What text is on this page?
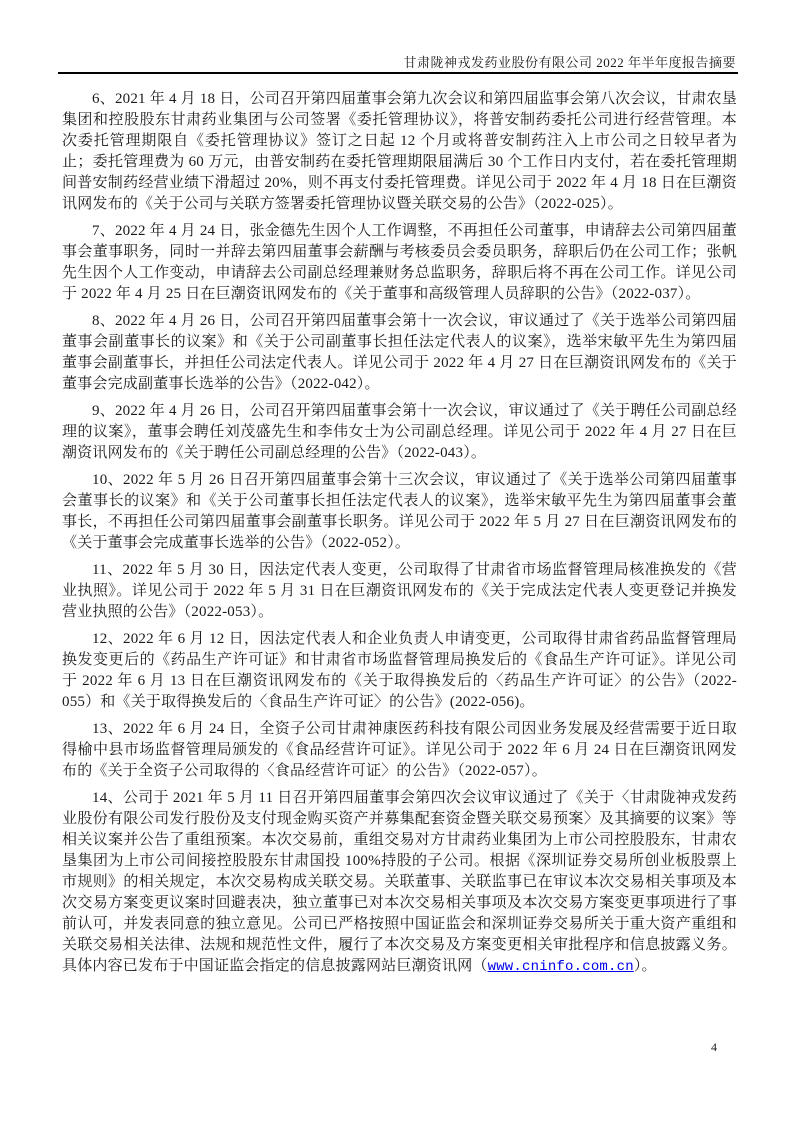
甘肃陇神戎发药业股份有限公司 2022 年半年度报告摘要

6、2021 年 4 月 18 日，公司召开第四届董事会第九次会议和第四届监事会第八次会议，甘肃农垦集团和控股股东甘肃药业集团与公司签署《委托管理协议》，将普安制药委托公司进行经营管理。本次委托管理期限自《委托管理协议》签订之日起 12 个月或将普安制药注入上市公司之日较早者为止；委托管理费为 60 万元，由普安制药在委托管理期限届满后 30 个工作日内支付，若在委托管理期间普安制药经营业绩下滑超过 20%，则不再支付委托管理费。详见公司于 2022 年 4 月 18 日在巨潮资讯网发布的《关于公司与关联方签署委托管理协议暨关联交易的公告》（2022-025）。

7、2022 年 4 月 24 日，张金德先生因个人工作调整，不再担任公司董事，申请辞去公司第四届董事会董事职务，同时一并辞去第四届董事会薪酬与考核委员会委员职务，辞职后仍在公司工作；张帆先生因个人工作变动，申请辞去公司副总经理兼财务总监职务，辞职后将不再在公司工作。详见公司于 2022 年 4 月 25 日在巨潮资讯网发布的《关于董事和高级管理人员辞职的公告》（2022-037）。

8、2022 年 4 月 26 日，公司召开第四届董事会第十一次会议，审议通过了《关于选举公司第四届董事会副董事长的议案》和《关于公司副董事长担任法定代表人的议案》，选举宋敏平先生为第四届董事会副董事长，并担任公司法定代表人。详见公司于 2022 年 4 月 27 日在巨潮资讯网发布的《关于董事会完成副董事长选举的公告》（2022-042）。

9、2022 年 4 月 26 日，公司召开第四届董事会第十一次会议，审议通过了《关于聘任公司副总经理的议案》，董事会聘任刘茂盛先生和李伟女士为公司副总经理。详见公司于 2022 年 4 月 27 日在巨潮资讯网发布的《关于聘任公司副总经理的公告》（2022-043）。

10、2022 年 5 月 26 日召开第四届董事会第十三次会议，审议通过了《关于选举公司第四届董事会董事长的议案》和《关于公司董事长担任法定代表人的议案》，选举宋敏平先生为第四届董事会董事长，不再担任公司第四届董事会副董事长职务。详见公司于 2022 年 5 月 27 日在巨潮资讯网发布的《关于董事会完成董事长选举的公告》（2022-052）。

11、2022 年 5 月 30 日，因法定代表人变更，公司取得了甘肃省市场监督管理局核准换发的《营业执照》。详见公司于 2022 年 5 月 31 日在巨潮资讯网发布的《关于完成法定代表人变更登记并换发营业执照的公告》（2022-053）。

12、2022 年 6 月 12 日，因法定代表人和企业负责人申请变更，公司取得甘肃省药品监督管理局换发变更后的《药品生产许可证》和甘肃省市场监督管理局换发后的《食品生产许可证》。详见公司于 2022 年 6 月 13 日在巨潮资讯网发布的《关于取得换发后的〈药品生产许可证〉的公告》（2022-055）和《关于取得换发后的〈食品生产许可证〉的公告》(2022-056)。

13、2022 年 6 月 24 日，全资子公司甘肃神康医药科技有限公司因业务发展及经营需要于近日取得榆中县市场监督管理局颁发的《食品经营许可证》。详见公司于 2022 年 6 月 24 日在巨潮资讯网发布的《关于全资子公司取得的〈食品经营许可证〉的公告》（2022-057）。

14、公司于 2021 年 5 月 11 日召开第四届董事会第四次会议审议通过了《关于〈甘肃陇神戎发药业股份有限公司发行股份及支付现金购买资产并募集配套资金暨关联交易预案〉及其摘要的议案》等相关议案并公告了重组预案。本次交易前，重组交易对方甘肃药业集团为上市公司控股股东，甘肃农垦集团为上市公司间接控股股东甘肃国投 100%持股的子公司。根据《深圳证券交易所创业板股票上市规则》的相关规定，本次交易构成关联交易。关联董事、关联监事已在审议本次交易相关事项及本次交易方案变更议案时回避表决，独立董事已对本次交易相关事项及本次交易方案变更事项进行了事前认可，并发表同意的独立意见。公司已严格按照中国证监会和深圳证券交易所关于重大资产重组和关联交易相关法律、法规和规范性文件，履行了本次交易及方案变更相关审批程序和信息披露义务。具体内容已发布于中国证监会指定的信息披露网站巨潮资讯网（www.cninfo.com.cn）。

4
